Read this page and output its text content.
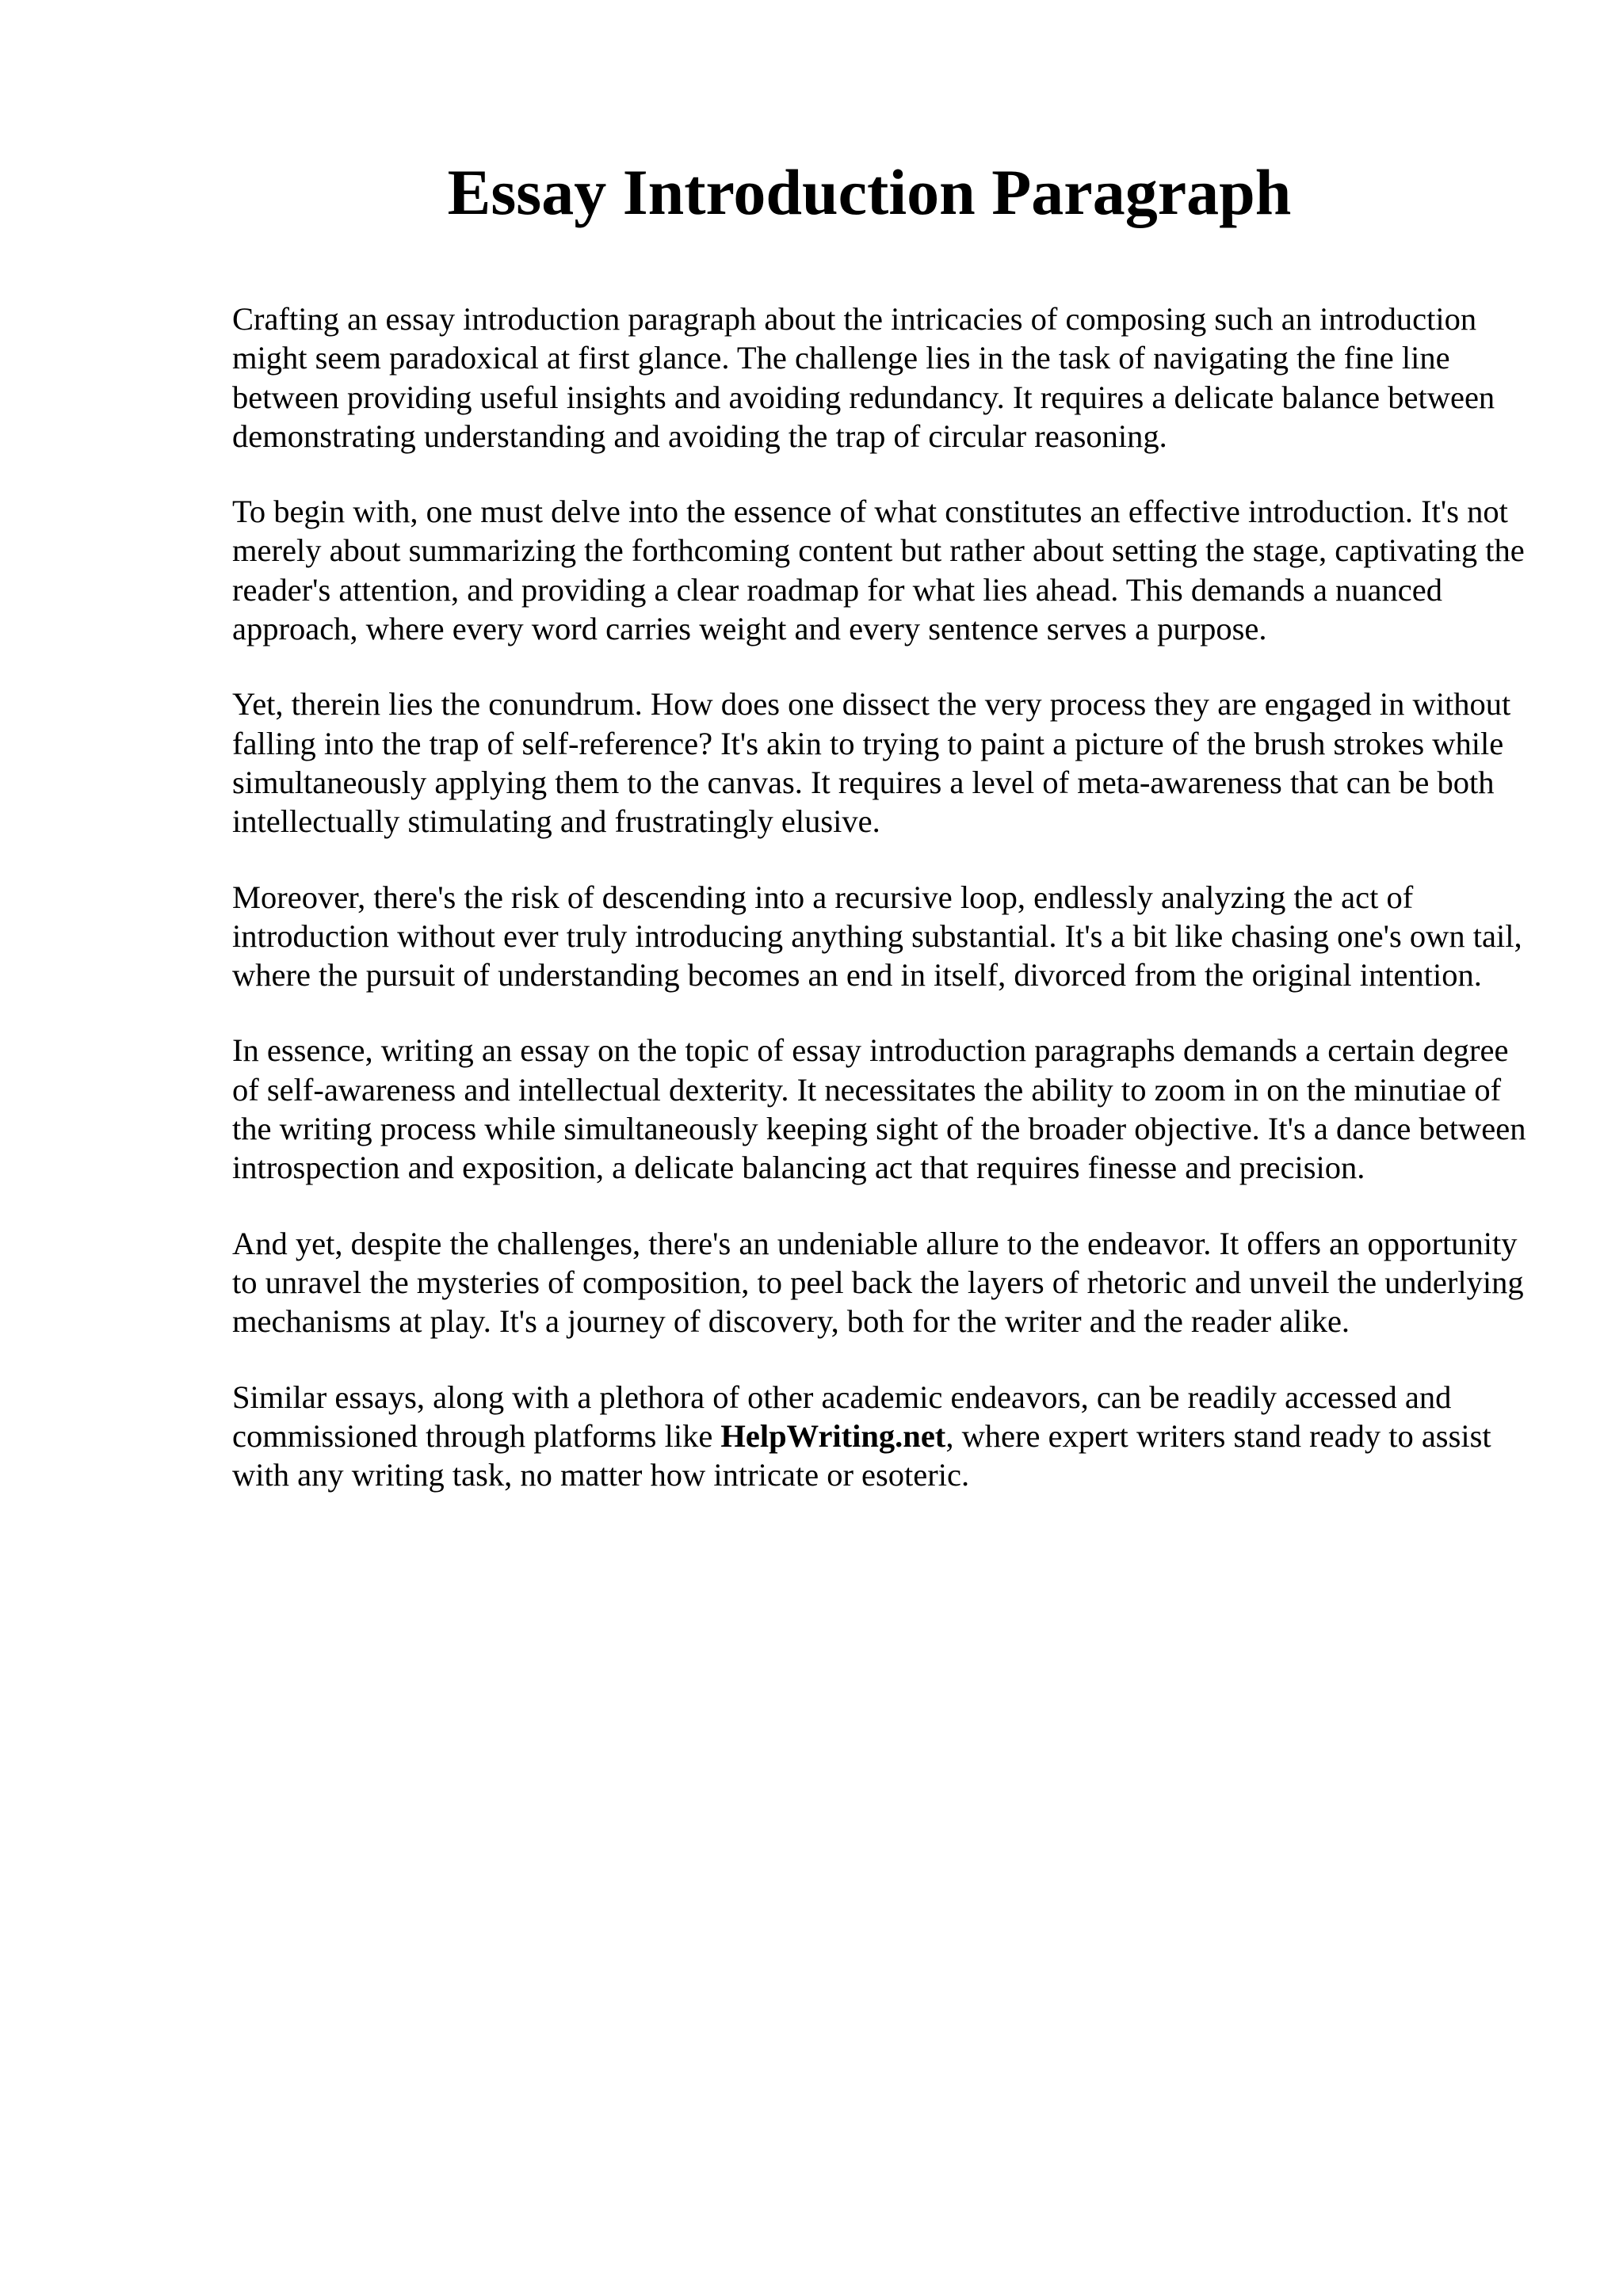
Essay Introduction Paragraph

Crafting an essay introduction paragraph about the intricacies of composing such an introduction might seem paradoxical at first glance. The challenge lies in the task of navigating the fine line between providing useful insights and avoiding redundancy. It requires a delicate balance between demonstrating understanding and avoiding the trap of circular reasoning.

To begin with, one must delve into the essence of what constitutes an effective introduction. It's not merely about summarizing the forthcoming content but rather about setting the stage, captivating the reader's attention, and providing a clear roadmap for what lies ahead. This demands a nuanced approach, where every word carries weight and every sentence serves a purpose.

Yet, therein lies the conundrum. How does one dissect the very process they are engaged in without falling into the trap of self-reference? It's akin to trying to paint a picture of the brush strokes while simultaneously applying them to the canvas. It requires a level of meta-awareness that can be both intellectually stimulating and frustratingly elusive.

Moreover, there's the risk of descending into a recursive loop, endlessly analyzing the act of introduction without ever truly introducing anything substantial. It's a bit like chasing one's own tail, where the pursuit of understanding becomes an end in itself, divorced from the original intention.

In essence, writing an essay on the topic of essay introduction paragraphs demands a certain degree of self-awareness and intellectual dexterity. It necessitates the ability to zoom in on the minutiae of the writing process while simultaneously keeping sight of the broader objective. It's a dance between introspection and exposition, a delicate balancing act that requires finesse and precision.

And yet, despite the challenges, there's an undeniable allure to the endeavor. It offers an opportunity to unravel the mysteries of composition, to peel back the layers of rhetoric and unveil the underlying mechanisms at play. It's a journey of discovery, both for the writer and the reader alike.

Similar essays, along with a plethora of other academic endeavors, can be readily accessed and commissioned through platforms like HelpWriting.net, where expert writers stand ready to assist with any writing task, no matter how intricate or esoteric.
